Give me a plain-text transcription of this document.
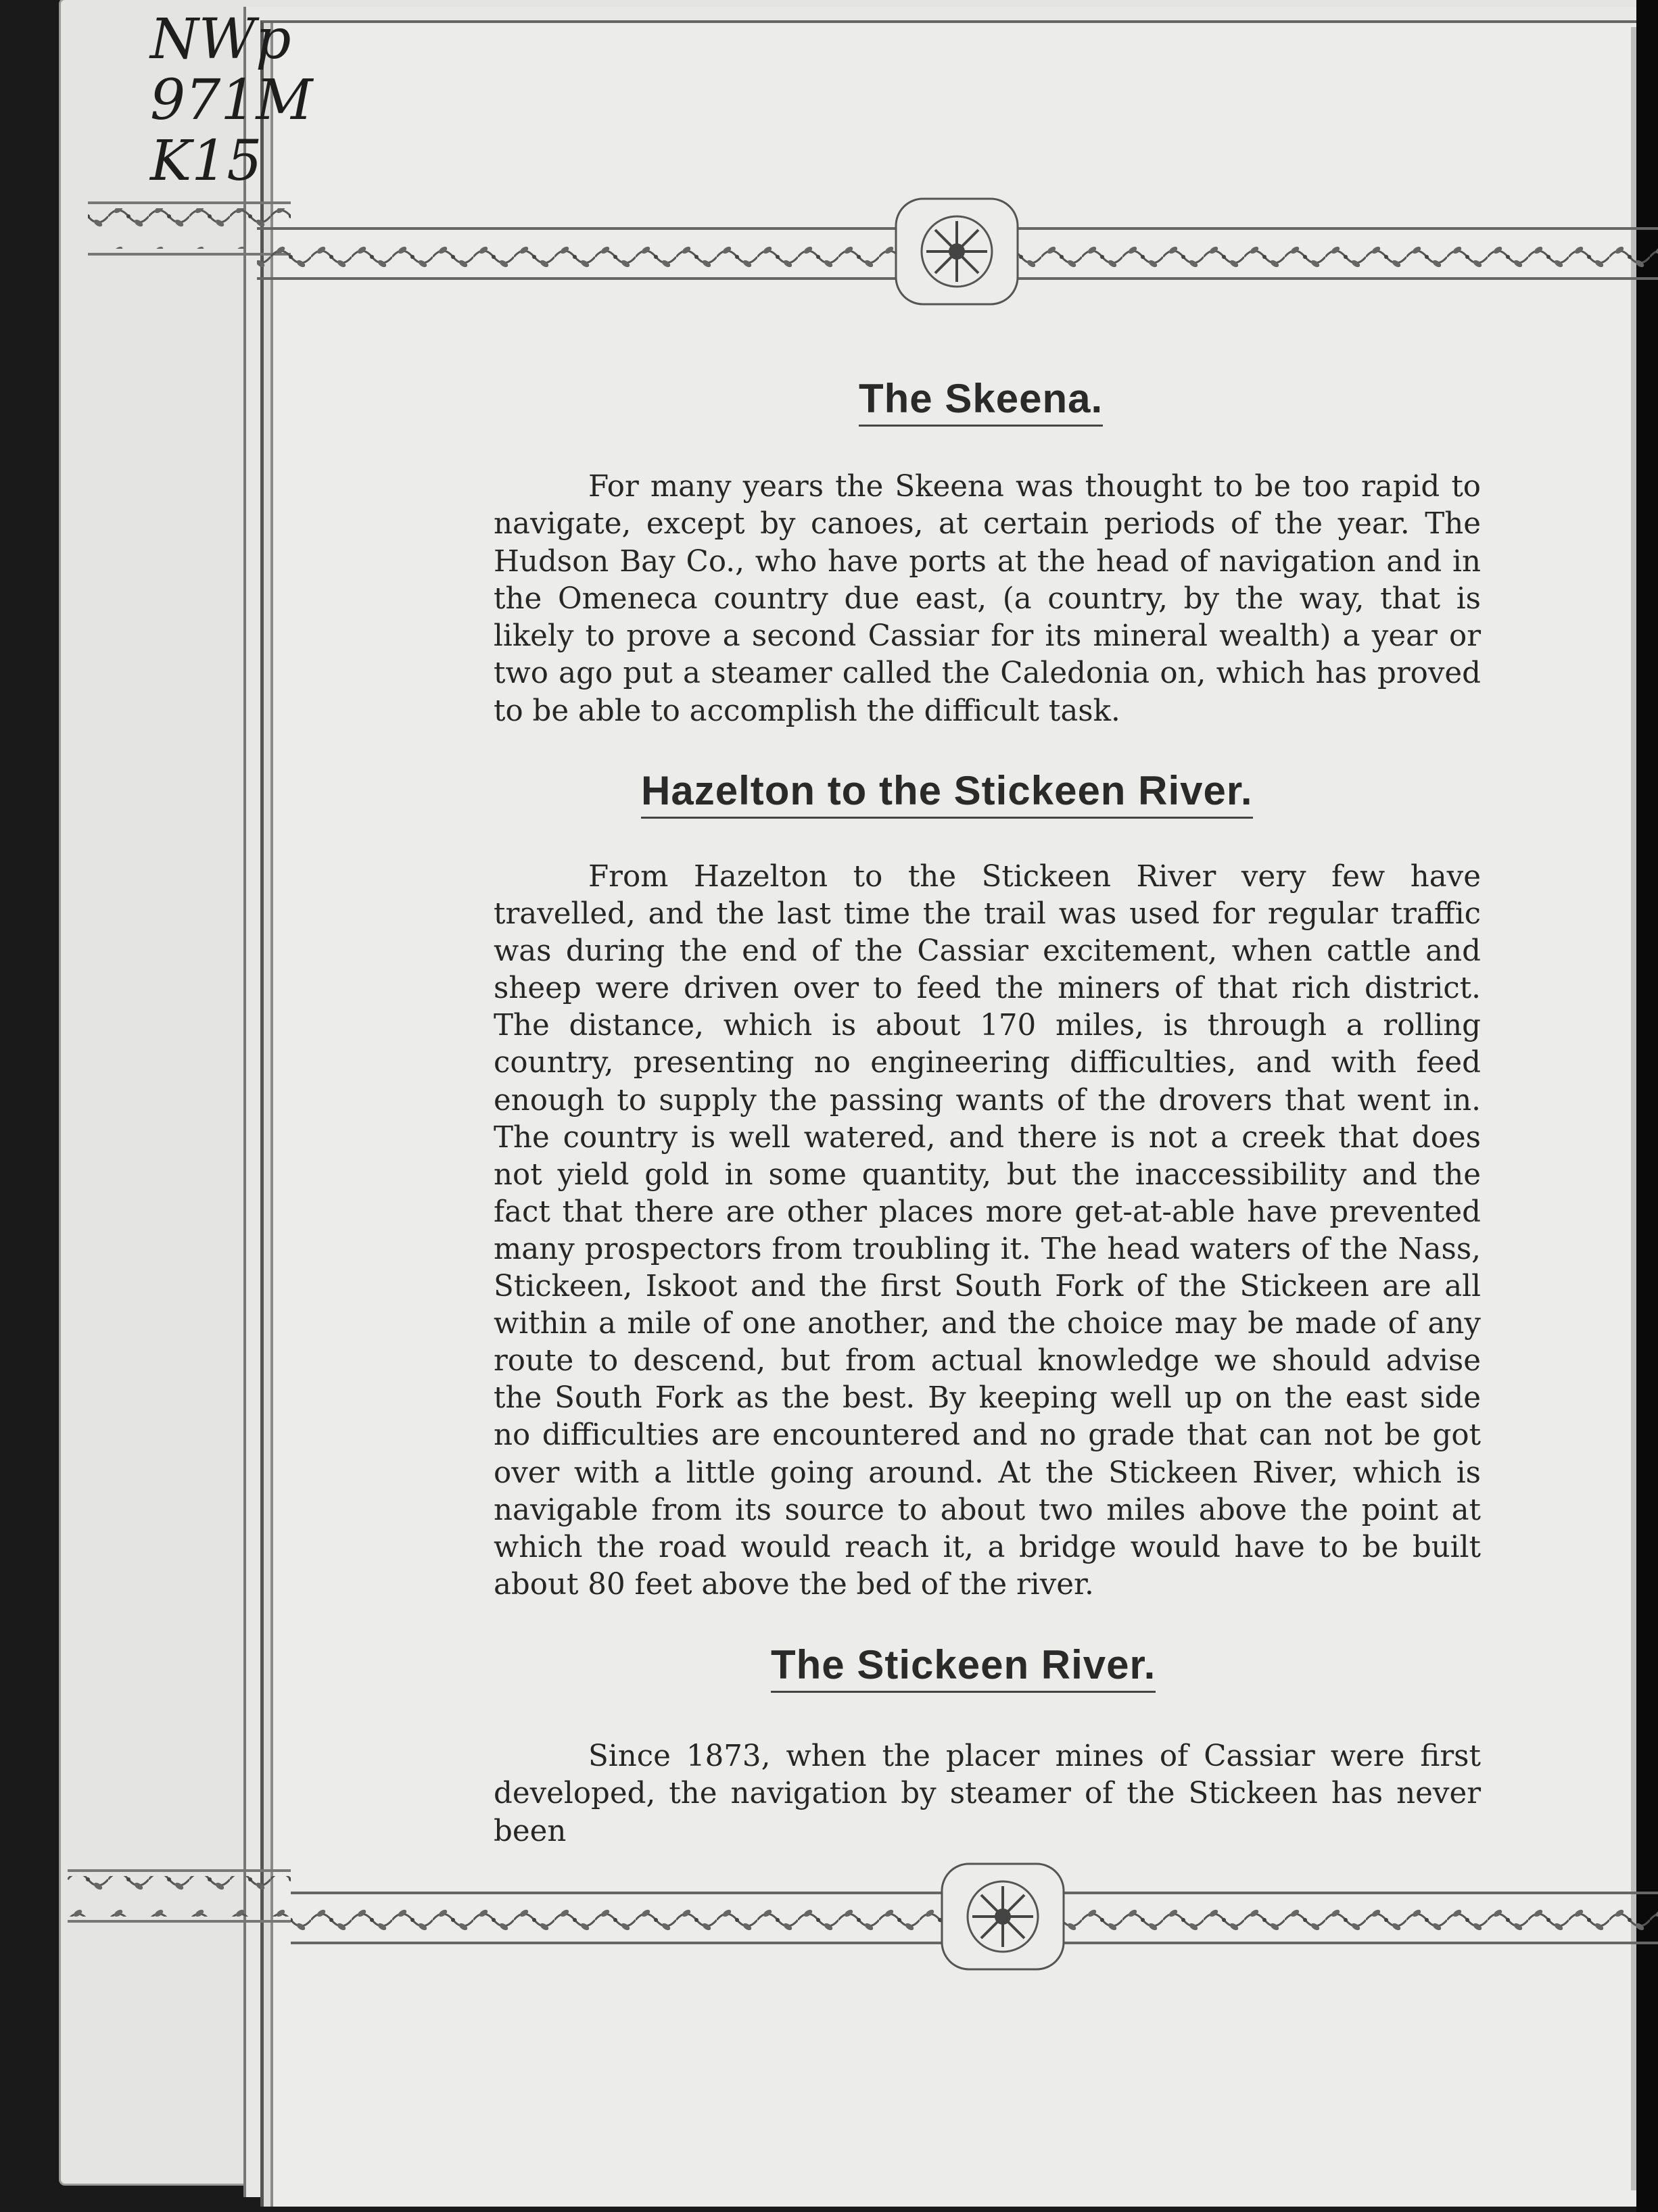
NWp
971M
K15
The Skeena.
For many years the Skeena was thought to be too rapid to navigate, except by canoes, at certain periods of the year. The Hudson Bay Co., who have ports at the head of navigation and in the Omeneca country due east, (a country, by the way, that is likely to prove a second Cassiar for its mineral wealth) a year or two ago put a steamer called the Caledonia on, which has proved to be able to accomplish the difficult task.
Hazelton to the Stickeen River.
From Hazelton to the Stickeen River very few have travelled, and the last time the trail was used for regular traffic was during the end of the Cassiar excitement, when cattle and sheep were driven over to feed the miners of that rich district. The distance, which is about 170 miles, is through a rolling country, presenting no engineering difficulties, and with feed enough to supply the passing wants of the drovers that went in. The country is well watered, and there is not a creek that does not yield gold in some quantity, but the inaccessibility and the fact that there are other places more get-at-able have prevented many prospectors from troubling it. The head waters of the Nass, Stickeen, Iskoot and the first South Fork of the Stickeen are all within a mile of one another, and the choice may be made of any route to descend, but from actual knowledge we should advise the South Fork as the best. By keeping well up on the east side no difficulties are encountered and no grade that can not be got over with a little going around. At the Stickeen River, which is navigable from its source to about two miles above the point at which the road would reach it, a bridge would have to be built about 80 feet above the bed of the river.
The Stickeen River.
Since 1873, when the placer mines of Cassiar were first developed, the navigation by steamer of the Stickeen has never been
